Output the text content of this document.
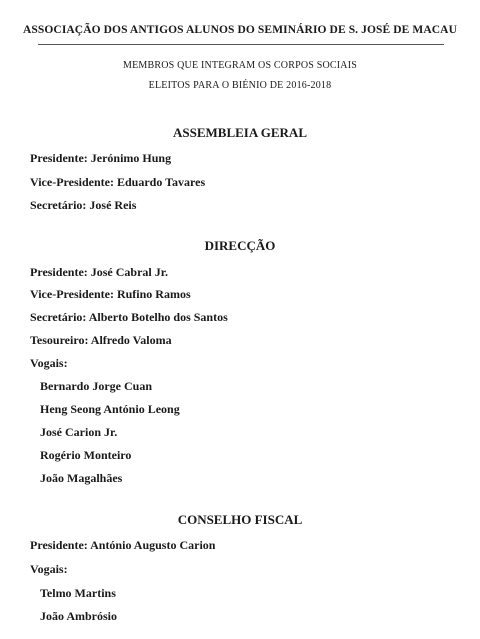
ASSOCIAÇÃO DOS ANTIGOS ALUNOS DO SEMINÁRIO DE S. JOSÉ DE MACAU
MEMBROS QUE INTEGRAM OS CORPOS SOCIAIS
ELEITOS PARA O BIÉNIO DE 2016-2018
ASSEMBLEIA GERAL
Presidente: Jerónimo Hung
Vice-Presidente: Eduardo Tavares
Secretário: José Reis
DIRECÇÃO
Presidente: José Cabral Jr.
Vice-Presidente: Rufino Ramos
Secretário: Alberto Botelho dos Santos
Tesoureiro: Alfredo Valoma
Vogais:
Bernardo Jorge Cuan
Heng Seong António Leong
José Carion Jr.
Rogério Monteiro
João Magalhães
CONSELHO FISCAL
Presidente: António Augusto Carion
Vogais:
Telmo Martins
João Ambrósio
